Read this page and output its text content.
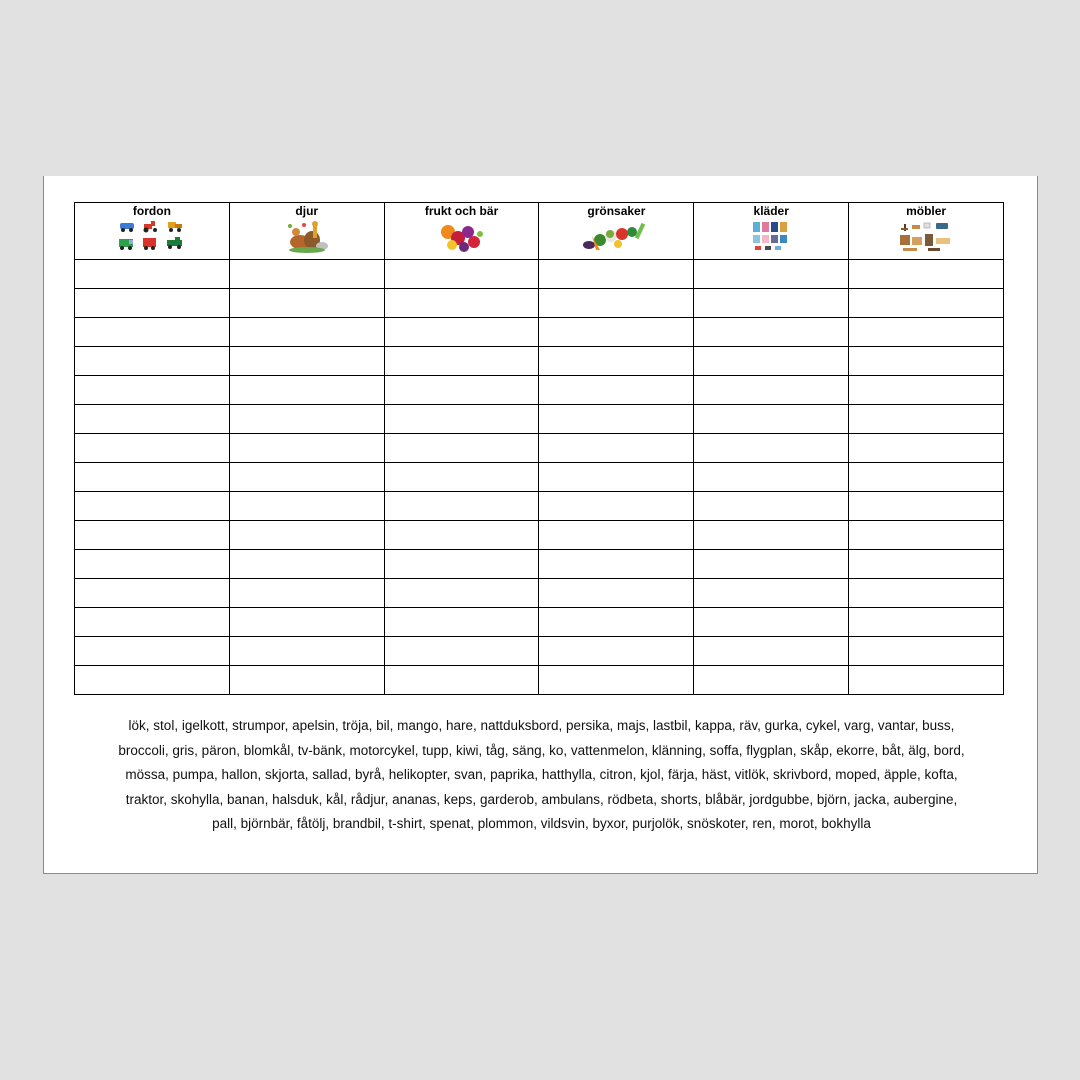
fordon	djur	frukt och bär	grönsaker	kläder	möbler

lök, stol, igelkott, strumpor, apelsin, tröja, bil, mango, hare, nattduksbord, persika, majs, lastbil, kappa, räv, gurka, cykel, varg, vantar, buss,
broccoli, gris, päron, blomkål, tv-bänk, motorcykel, tupp, kiwi, tåg, säng, ko, vattenmelon, klänning, soffa, flygplan, skåp, ekorre, båt, älg, bord,
mössa, pumpa, hallon, skjorta, sallad, byrå, helikopter, svan, paprika, hatthylla, citron, kjol, färja, häst, vitlök, skrivbord, moped, äpple, kofta,
traktor, skohylla, banan, halsduk, kål, rådjur, ananas, keps, garderob, ambulans, rödbeta, shorts, blåbär, jordgubbe, björn, jacka, aubergine,
pall, björnbär, fåtölj, brandbil, t-shirt, spenat, plommon, vildsvin, byxor, purjolök, snöskoter, ren, morot, bokhylla
